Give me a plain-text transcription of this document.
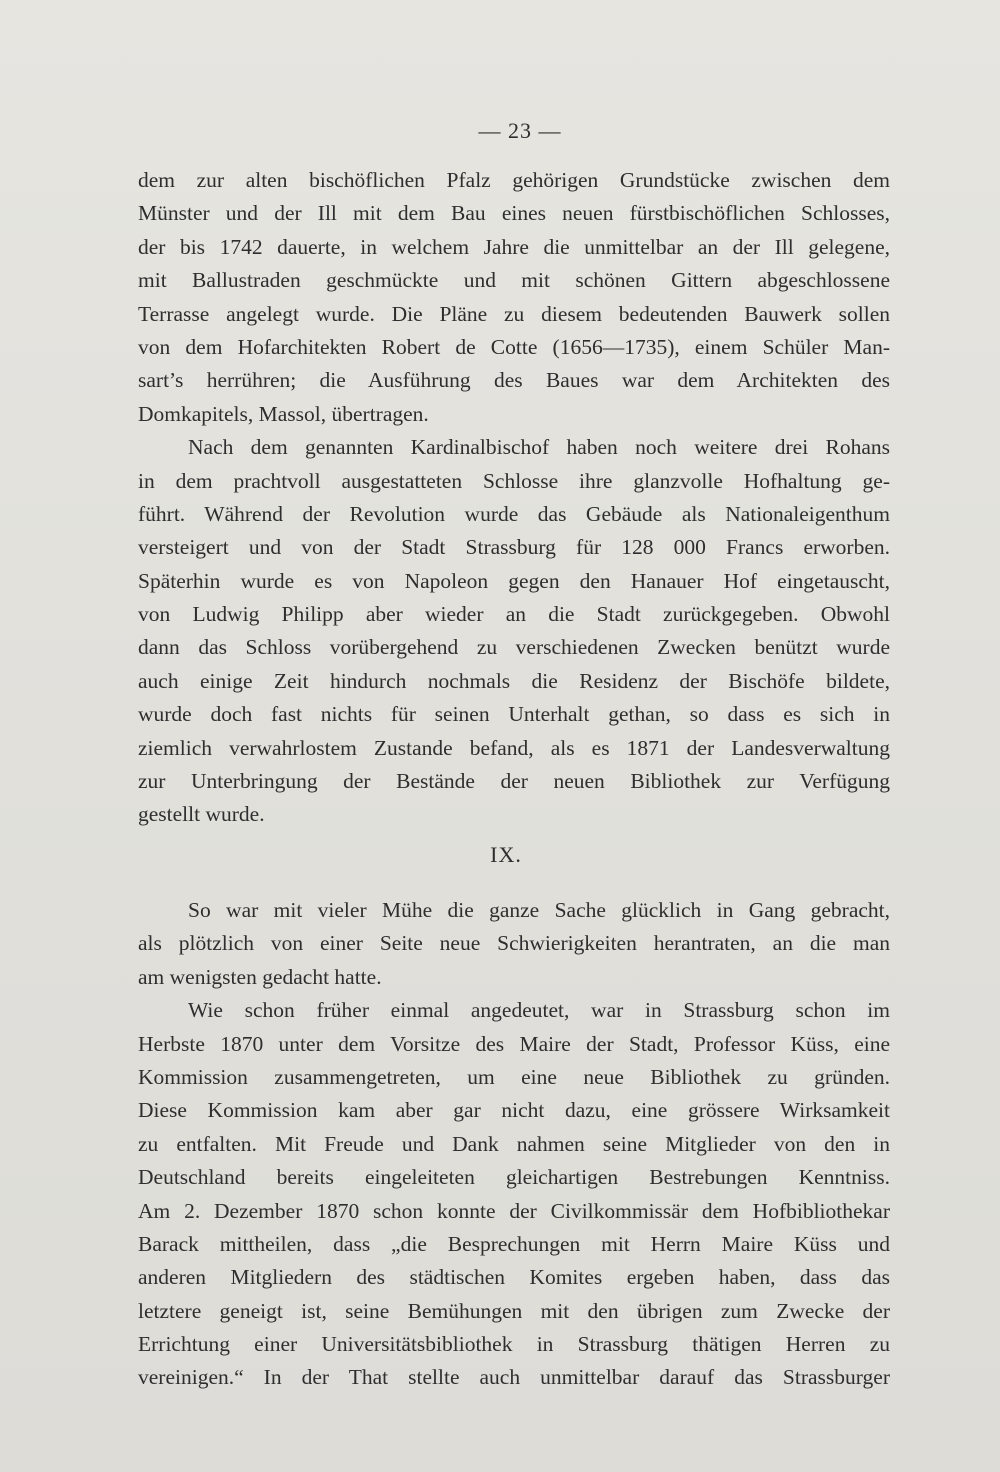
— 23 —
dem zur alten bischöflichen Pfalz gehörigen Grundstücke zwischen dem
Münster und der Ill mit dem Bau eines neuen fürstbischöflichen Schlosses,
der bis 1742 dauerte, in welchem Jahre die unmittelbar an der Ill gelegene,
mit Ballustraden geschmückte und mit schönen Gittern abgeschlossene
Terrasse angelegt wurde. Die Pläne zu diesem bedeutenden Bauwerk sollen
von dem Hofarchitekten Robert de Cotte (1656—1735), einem Schüler Man-
sart’s herrühren; die Ausführung des Baues war dem Architekten des
Domkapitels, Massol, übertragen.
Nach dem genannten Kardinalbischof haben noch weitere drei Rohans
in dem prachtvoll ausgestatteten Schlosse ihre glanzvolle Hofhaltung ge-
führt. Während der Revolution wurde das Gebäude als Nationaleigenthum
versteigert und von der Stadt Strassburg für 128 000 Francs erworben.
Späterhin wurde es von Napoleon gegen den Hanauer Hof eingetauscht,
von Ludwig Philipp aber wieder an die Stadt zurückgegeben. Obwohl
dann das Schloss vorübergehend zu verschiedenen Zwecken benützt wurde
auch einige Zeit hindurch nochmals die Residenz der Bischöfe bildete,
wurde doch fast nichts für seinen Unterhalt gethan, so dass es sich in
ziemlich verwahrlostem Zustande befand, als es 1871 der Landesverwaltung
zur Unterbringung der Bestände der neuen Bibliothek zur Verfügung
gestellt wurde.
IX.
So war mit vieler Mühe die ganze Sache glücklich in Gang gebracht,
als plötzlich von einer Seite neue Schwierigkeiten herantraten, an die man
am wenigsten gedacht hatte.
Wie schon früher einmal angedeutet, war in Strassburg schon im
Herbste 1870 unter dem Vorsitze des Maire der Stadt, Professor Küss, eine
Kommission zusammengetreten, um eine neue Bibliothek zu gründen.
Diese Kommission kam aber gar nicht dazu, eine grössere Wirksamkeit
zu entfalten. Mit Freude und Dank nahmen seine Mitglieder von den in
Deutschland bereits eingeleiteten gleichartigen Bestrebungen Kenntniss.
Am 2. Dezember 1870 schon konnte der Civilkommissär dem Hofbibliothekar
Barack mittheilen, dass „die Besprechungen mit Herrn Maire Küss und
anderen Mitgliedern des städtischen Komites ergeben haben, dass das
letztere geneigt ist, seine Bemühungen mit den übrigen zum Zwecke der
Errichtung einer Universitätsbibliothek in Strassburg thätigen Herren zu
vereinigen.“ In der That stellte auch unmittelbar darauf das Strassburger
